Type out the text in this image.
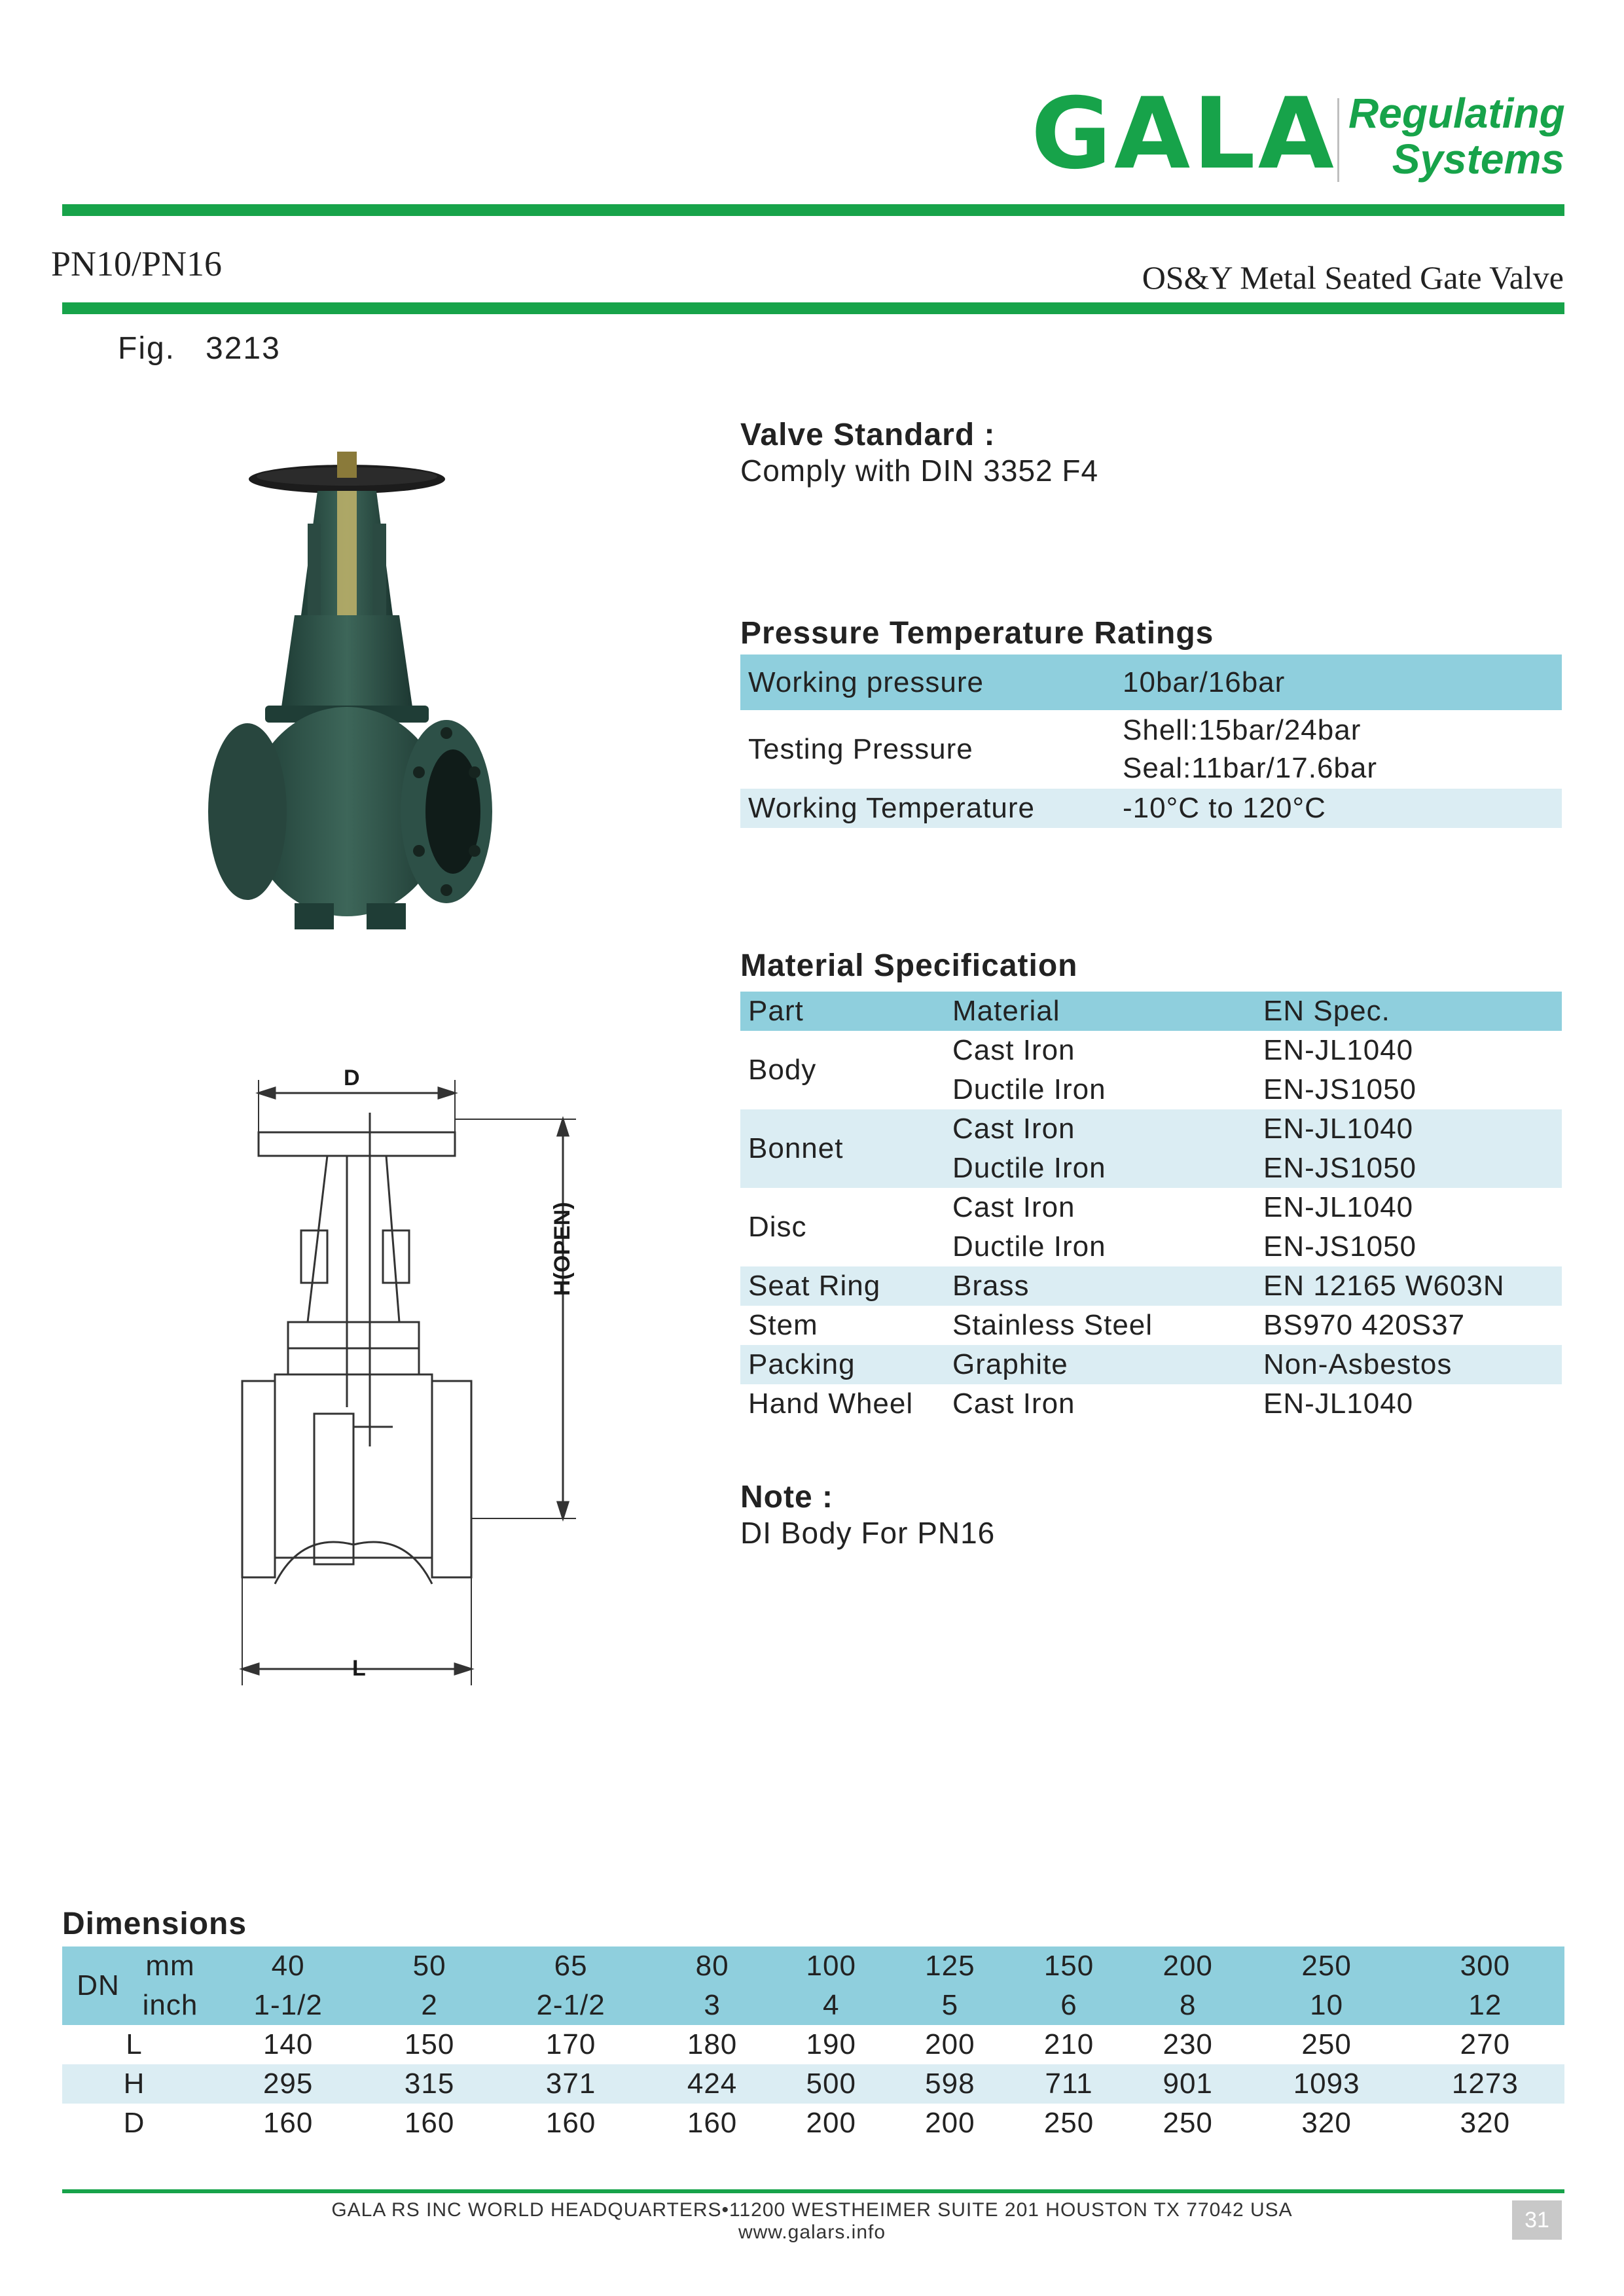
GALA Regulating
Systems
PN10/PN16	OS&Y Metal Seated Gate Valve
Fig.   3213
D
L
H(OPEN)
Valve Standard :
Comply with DIN 3352 F4
Pressure Temperature Ratings
Working pressure	10bar/16bar
Testing Pressure	Shell:15bar/24bar
Seal:11bar/17.6bar

Working Temperature	-10°C to 120°C
Material Specification
Part	Material	EN Spec.
Body	Cast Iron	EN-JL1040
	Ductile Iron	EN-JS1050
Bonnet	Cast Iron	EN-JL1040
	Ductile Iron	EN-JS1050
Disc	Cast Iron	EN-JL1040
	Ductile Iron	EN-JS1050
Seat Ring	Brass	EN 12165 W603N
Stem	Stainless Steel	BS970 420S37
Packing	Graphite	Non-Asbestos
Hand Wheel	Cast Iron	EN-JL1040
Note :
DI Body For PN16
Dimensions
DN	mm	40	50	65	80	100	125	150	200	250	300
	inch	1-1/2	2	2-1/2	3	4	5	6	8	10	12
L		140	150	170	180	190	200	210	230	250	270
H		295	315	371	424	500	598	711	901	1093	1273
D		160	160	160	160	200	200	250	250	320	320
GALA RS INC WORLD HEADQUARTERS•11200 WESTHEIMER SUITE 201 HOUSTON TX 77042 USA
www.galars.info	31
